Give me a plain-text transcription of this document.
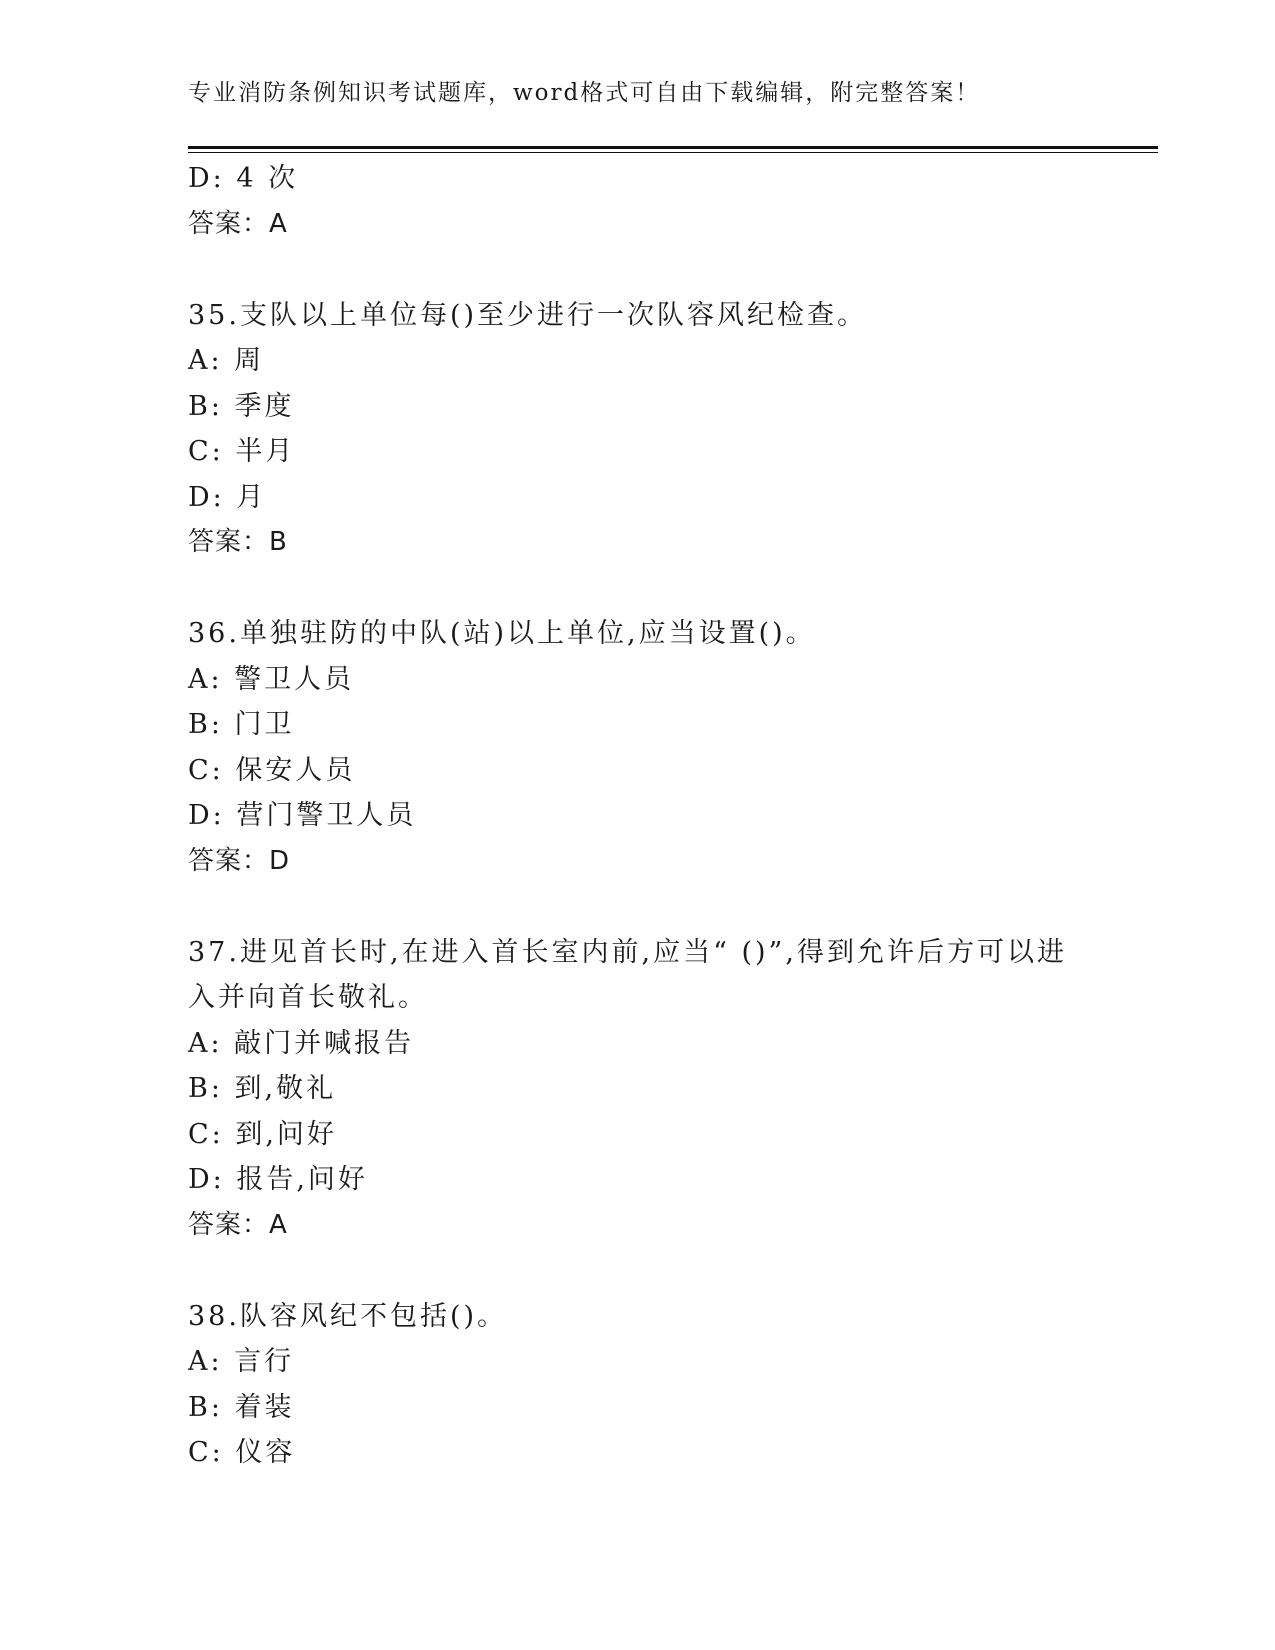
专业消防条例知识考试题库，word格式可自由下载编辑，附完整答案！
D: 4 次
答案：A
35.支队以上单位每()至少进行一次队容风纪检查。
A: 周
B: 季度
C: 半月
D: 月
答案：B
36.单独驻防的中队(站)以上单位,应当设置()。
A: 警卫人员
B: 门卫
C: 保安人员
D: 营门警卫人员
答案：D
37.进见首长时,在进入首长室内前,应当“ ()”,得到允许后方可以进入并向首长敬礼。
A: 敲门并喊报告
B: 到,敬礼
C: 到,问好
D: 报告,问好
答案：A
38.队容风纪不包括()。
A: 言行
B: 着装
C: 仪容
